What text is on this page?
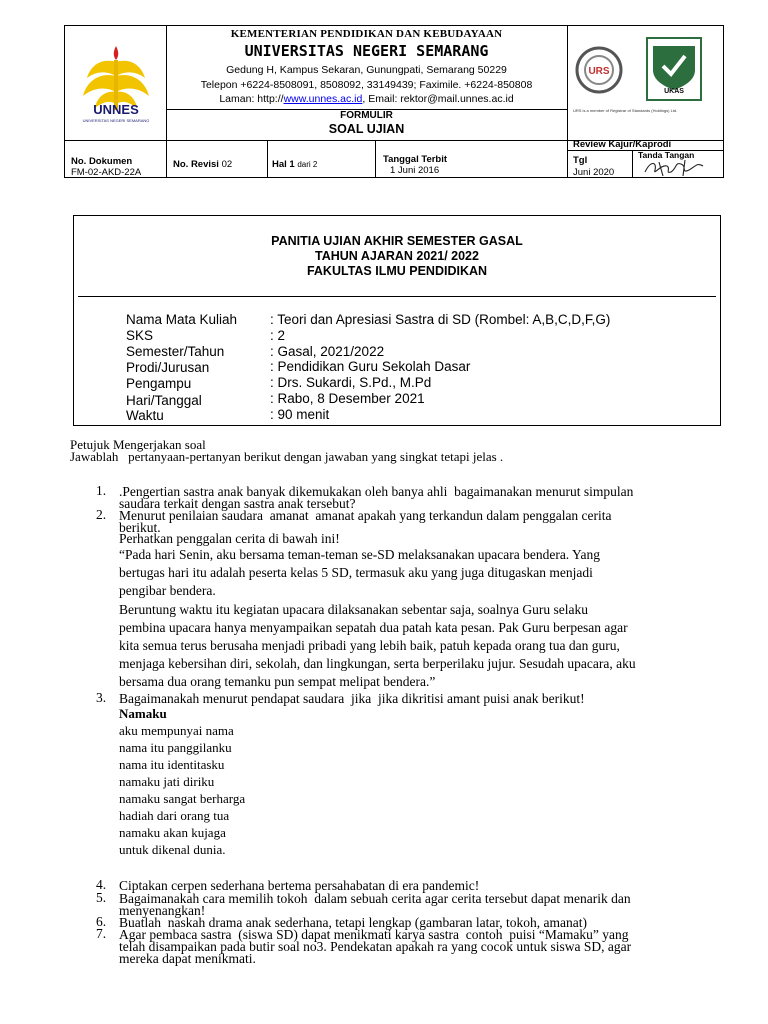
UNNES
UNIVERSITAS NEGERI SEMARANG
KEMENTERIAN PENDIDIKAN DAN KEBUDAYAAN
UNIVERSITAS NEGERI SEMARANG
Gedung H, Kampus Sekaran, Gunungpati, Semarang 50229
Telepon +6224-8508091, 8508092, 33149439; Faximile. +6224-850808
Laman: http://www.unnes.ac.id, Email: rektor@mail.unnes.ac.id
FORMULIR
SOAL UJIAN
URS
UKAS
URS is a member of Registrar of Standards (Holdings) Ltd.
No. Dokumen
FM-02-AKD-22A
No. Revisi 02	Hal 1 dari 2	Tanggal Terbit
1 Juni 2016
Review Kajur/Kaprodi
Tgl
Juni 2020
Tanda Tangan
PANITIA UJIAN AKHIR SEMESTER GASAL
TAHUN AJARAN 2021/ 2022
FAKULTAS ILMU PENDIDIKAN
Nama Mata Kuliah : Teori dan Apresiasi Sastra di SD (Rombel: A,B,C,D,F,G)
SKS	: 2
Semester/Tahun	: Gasal, 2021/2022
Prodi/Jurusan	: Pendidikan Guru Sekolah Dasar
Pengampu	: Drs. Sukardi, S.Pd., M.Pd
Hari/Tanggal	: Rabo, 8 Desember 2021
Waktu	: 90 menit
Petujuk Mengerjakan soal
Jawablah   pertanyaan-pertanyan berikut dengan jawaban yang singkat tetapi jelas .
1. .Pengertian sastra anak banyak dikemukakan oleh banya ahli  bagaimanakan menurut simpulan
saudara terkait dengan sastra anak tersebut?
2. Menurut penilaian saudara  amanat  amanat apakah yang terkandun dalam penggalan cerita
berikut.
Perhatkan penggalan cerita di bawah ini!
“Pada hari Senin, aku bersama teman-teman se-SD melaksanakan upacara bendera. Yang
bertugas hari itu adalah peserta kelas 5 SD, termasuk aku yang juga ditugaskan menjadi
pengibar bendera.
Beruntung waktu itu kegiatan upacara dilaksanakan sebentar saja, soalnya Guru selaku
pembina upacara hanya menyampaikan sepatah dua patah kata pesan. Pak Guru berpesan agar
kita semua terus berusaha menjadi pribadi yang lebih baik, patuh kepada orang tua dan guru,
menjaga kebersihan diri, sekolah, dan lingkungan, serta berperilaku jujur. Sesudah upacara, aku
bersama dua orang temanku pun sempat melipat bendera.”
3. Bagaimanakah menurut pendapat saudara  jika  jika dikritisi amant puisi anak berikut!
Namaku
aku mempunyai nama
nama itu panggilanku
nama itu identitasku
namaku jati diriku
namaku sangat berharga
hadiah dari orang tua
namaku akan kujaga
untuk dikenal dunia.
4. Ciptakan cerpen sederhana bertema persahabatan di era pandemic!
5. Bagaimanakah cara memilih tokoh  dalam sebuah cerita agar cerita tersebut dapat menarik dan
menyenangkan!
6. Buatlah  naskah drama anak sederhana, tetapi lengkap (gambaran latar, tokoh, amanat)
7. Agar pembaca sastra  (siswa SD) dapat menikmati karya sastra  contoh  puisi “Mamaku” yang
telah disampaikan pada butir soal no3. Pendekatan apakah ra yang cocok untuk siswa SD, agar
mereka dapat menikmati.
